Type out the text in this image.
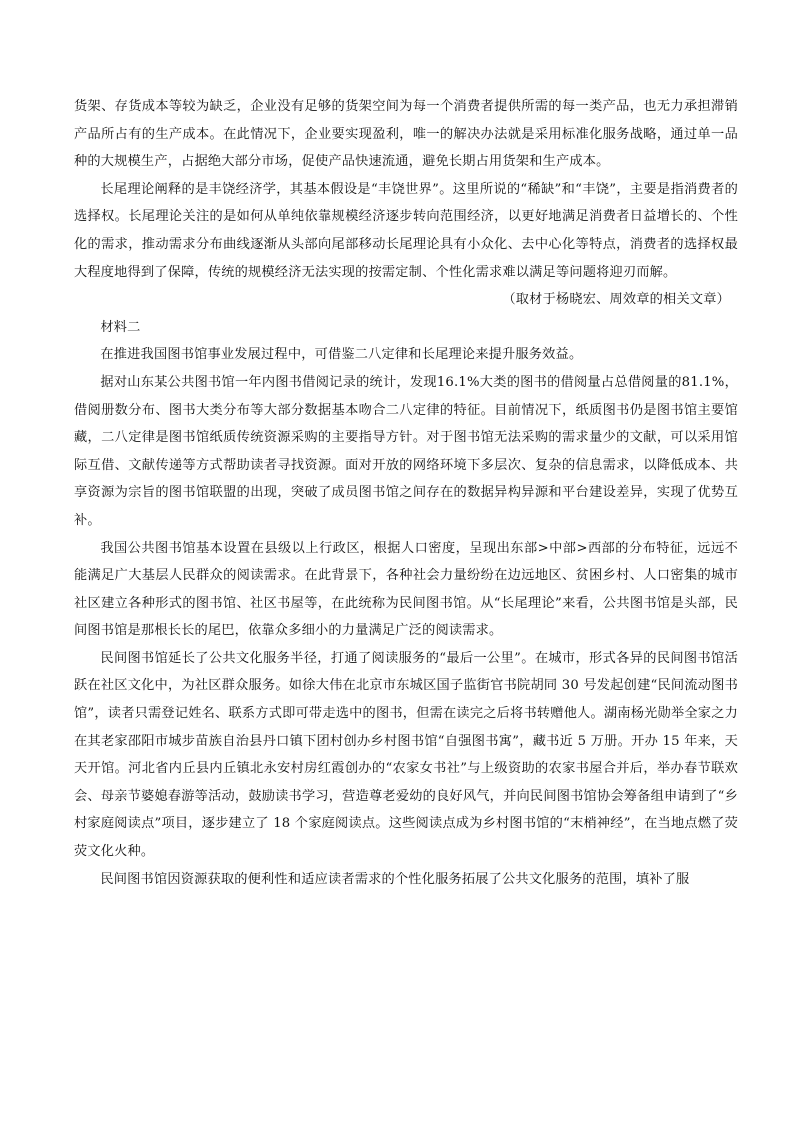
货架、存货成本等较为缺乏，企业没有足够的货架空间为每一个消费者提供所需的每一类产品，也无力承担滞销产品所占有的生产成本。在此情况下，企业要实现盈利，唯一的解决办法就是采用标准化服务战略，通过单一品种的大规模生产，占据绝大部分市场，促使产品快速流通，避免长期占用货架和生产成本。

长尾理论阐释的是丰饶经济学，其基本假设是“丰饶世界”。这里所说的“稀缺”和“丰饶”，主要是指消费者的选择权。长尾理论关注的是如何从单纯依靠规模经济逐步转向范围经济，以更好地满足消费者日益增长的、个性化的需求，推动需求分布曲线逐渐从头部向尾部移动长尾理论具有小众化、去中心化等特点，消费者的选择权最大程度地得到了保障，传统的规模经济无法实现的按需定制、个性化需求难以满足等问题将迎刃而解。

（取材于杨晓宏、周效章的相关文章）

材料二

在推进我国图书馆事业发展过程中，可借鉴二八定律和长尾理论来提升服务效益。

据对山东某公共图书馆一年内图书借阅记录的统计，发现16.1%大类的图书的借阅量占总借阅量的81.1%，借阅册数分布、图书大类分布等大部分数据基本吻合二八定律的特征。目前情况下，纸质图书仍是图书馆主要馆藏，二八定律是图书馆纸质传统资源采购的主要指导方针。对于图书馆无法采购的需求量少的文献，可以采用馆际互借、文献传递等方式帮助读者寻找资源。面对开放的网络环境下多层次、复杂的信息需求，以降低成本、共享资源为宗旨的图书馆联盟的出现，突破了成员图书馆之间存在的数据异构异源和平台建设差异，实现了优势互补。

我国公共图书馆基本设置在县级以上行政区，根据人口密度，呈现出东部>中部>西部的分布特征，远远不能满足广大基层人民群众的阅读需求。在此背景下，各种社会力量纷纷在边远地区、贫困乡村、人口密集的城市社区建立各种形式的图书馆、社区书屋等，在此统称为民间图书馆。从“长尾理论”来看，公共图书馆是头部，民间图书馆是那根长长的尾巴，依靠众多细小的力量满足广泛的阅读需求。

民间图书馆延长了公共文化服务半径，打通了阅读服务的“最后一公里”。在城市，形式各异的民间图书馆活跃在社区文化中，为社区群众服务。如徐大伟在北京市东城区国子监街官书院胡同 30 号发起创建“民间流动图书馆”，读者只需登记姓名、联系方式即可带走选中的图书，但需在读完之后将书转赠他人。湖南杨光勋举全家之力在其老家邵阳市城步苗族自治县丹口镇下团村创办乡村图书馆“自强图书寓”，藏书近 5 万册。开办 15 年来，天天开馆。河北省内丘县内丘镇北永安村房红霞创办的“农家女书社”与上级资助的农家书屋合并后，举办春节联欢会、母亲节婆媳春游等活动，鼓励读书学习，营造尊老爱幼的良好风气，并向民间图书馆协会筹备组申请到了“乡村家庭阅读点”项目，逐步建立了 18 个家庭阅读点。这些阅读点成为乡村图书馆的“末梢神经”，在当地点燃了荧荧文化火种。

民间图书馆因资源获取的便利性和适应读者需求的个性化服务拓展了公共文化服务的范围，填补了服
